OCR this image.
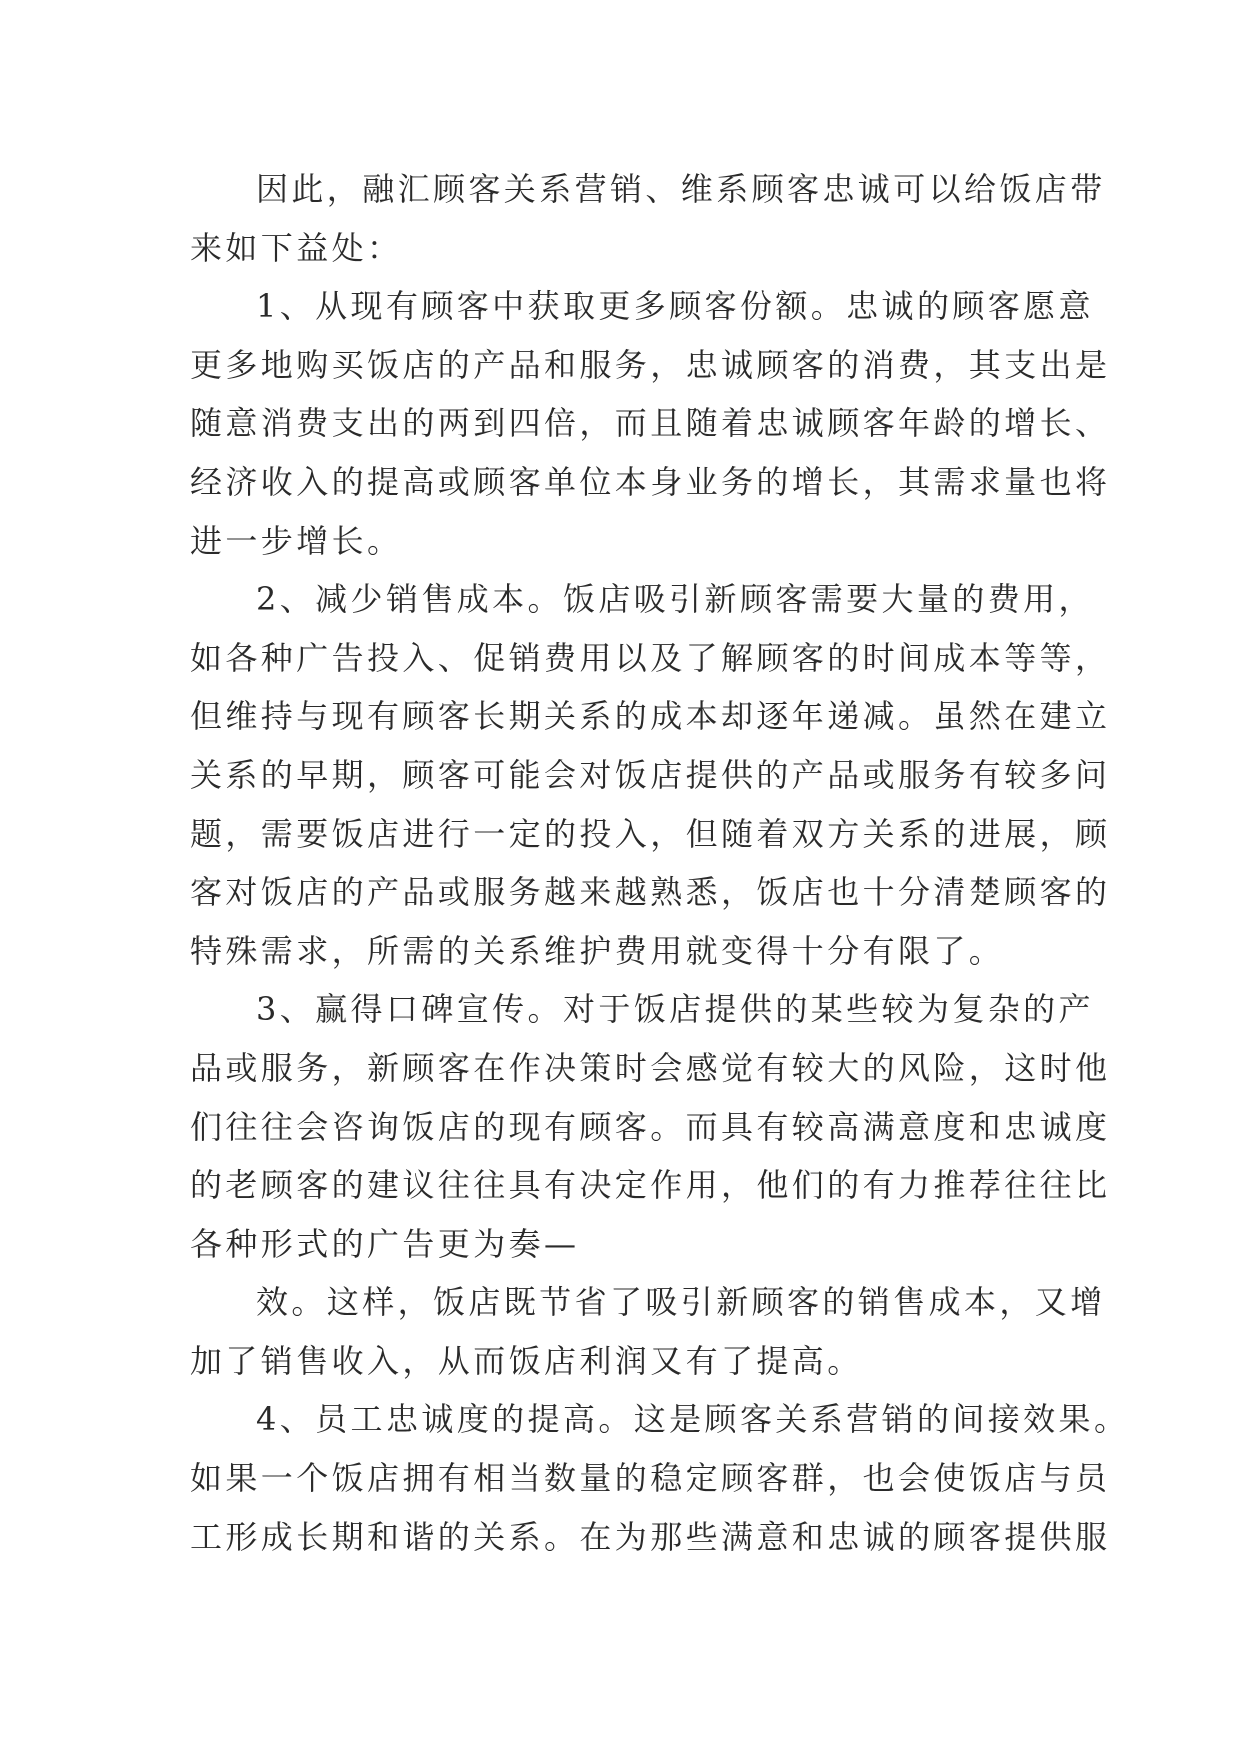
因此，融汇顾客关系营销、维系顾客忠诚可以给饭店带
来如下益处：
1、从现有顾客中获取更多顾客份额。忠诚的顾客愿意
更多地购买饭店的产品和服务，忠诚顾客的消费，其支出是
随意消费支出的两到四倍，而且随着忠诚顾客年龄的增长、
经济收入的提高或顾客单位本身业务的增长，其需求量也将
进一步增长。
2、减少销售成本。饭店吸引新顾客需要大量的费用，
如各种广告投入、促销费用以及了解顾客的时间成本等等，
但维持与现有顾客长期关系的成本却逐年递减。虽然在建立
关系的早期，顾客可能会对饭店提供的产品或服务有较多问
题，需要饭店进行一定的投入，但随着双方关系的进展，顾
客对饭店的产品或服务越来越熟悉，饭店也十分清楚顾客的
特殊需求，所需的关系维护费用就变得十分有限了。
3、赢得口碑宣传。对于饭店提供的某些较为复杂的产
品或服务，新顾客在作决策时会感觉有较大的风险，这时他
们往往会咨询饭店的现有顾客。而具有较高满意度和忠诚度
的老顾客的建议往往具有决定作用，他们的有力推荐往往比
各种形式的广告更为奏—
效。这样，饭店既节省了吸引新顾客的销售成本，又增
加了销售收入，从而饭店利润又有了提高。
4、员工忠诚度的提高。这是顾客关系营销的间接效果。
如果一个饭店拥有相当数量的稳定顾客群，也会使饭店与员
工形成长期和谐的关系。在为那些满意和忠诚的顾客提供服
